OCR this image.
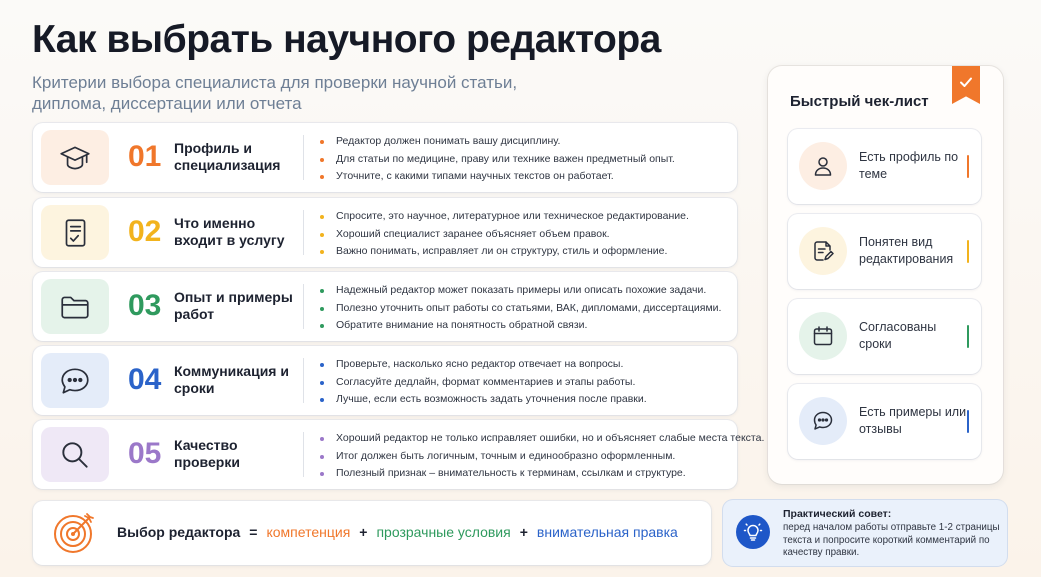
Как выбрать научного редактора
Критерии выбора специалиста для проверки научной статьи, диплома, диссертации или отчета
01 Профиль и специализация
Редактор должен понимать вашу дисциплину.
Для статьи по медицине, праву или технике важен предметный опыт.
Уточните, с какими типами научных текстов он работает.
02 Что именно входит в услугу
Спросите, это научное, литературное или техническое редактирование.
Хороший специалист заранее объясняет объем правок.
Важно понимать, исправляет ли он структуру, стиль и оформление.
03 Опыт и примеры работ
Надежный редактор может показать примеры или описать похожие задачи.
Полезно уточнить опыт работы со статьями, ВАК, дипломами, диссертациями.
Обратите внимание на понятность обратной связи.
04 Коммуникация и сроки
Проверьте, насколько ясно редактор отвечает на вопросы.
Согласуйте дедлайн, формат комментариев и этапы работы.
Лучше, если есть возможность задать уточнения после правки.
05 Качество проверки
Хороший редактор не только исправляет ошибки, но и объясняет слабые места текста.
Итог должен быть логичным, точным и единообразно оформленным.
Полезный признак – внимательность к терминам, ссылкам и структуре.
Выбор редактора = компетенция + прозрачные условия + внимательная правка
Быстрый чек-лист
Есть профиль по теме
Понятен вид редактирования
Согласованы сроки
Есть примеры или отзывы
Практический совет:
перед началом работы отправьте 1-2 страницы текста и попросите короткий комментарий по качеству правки.
